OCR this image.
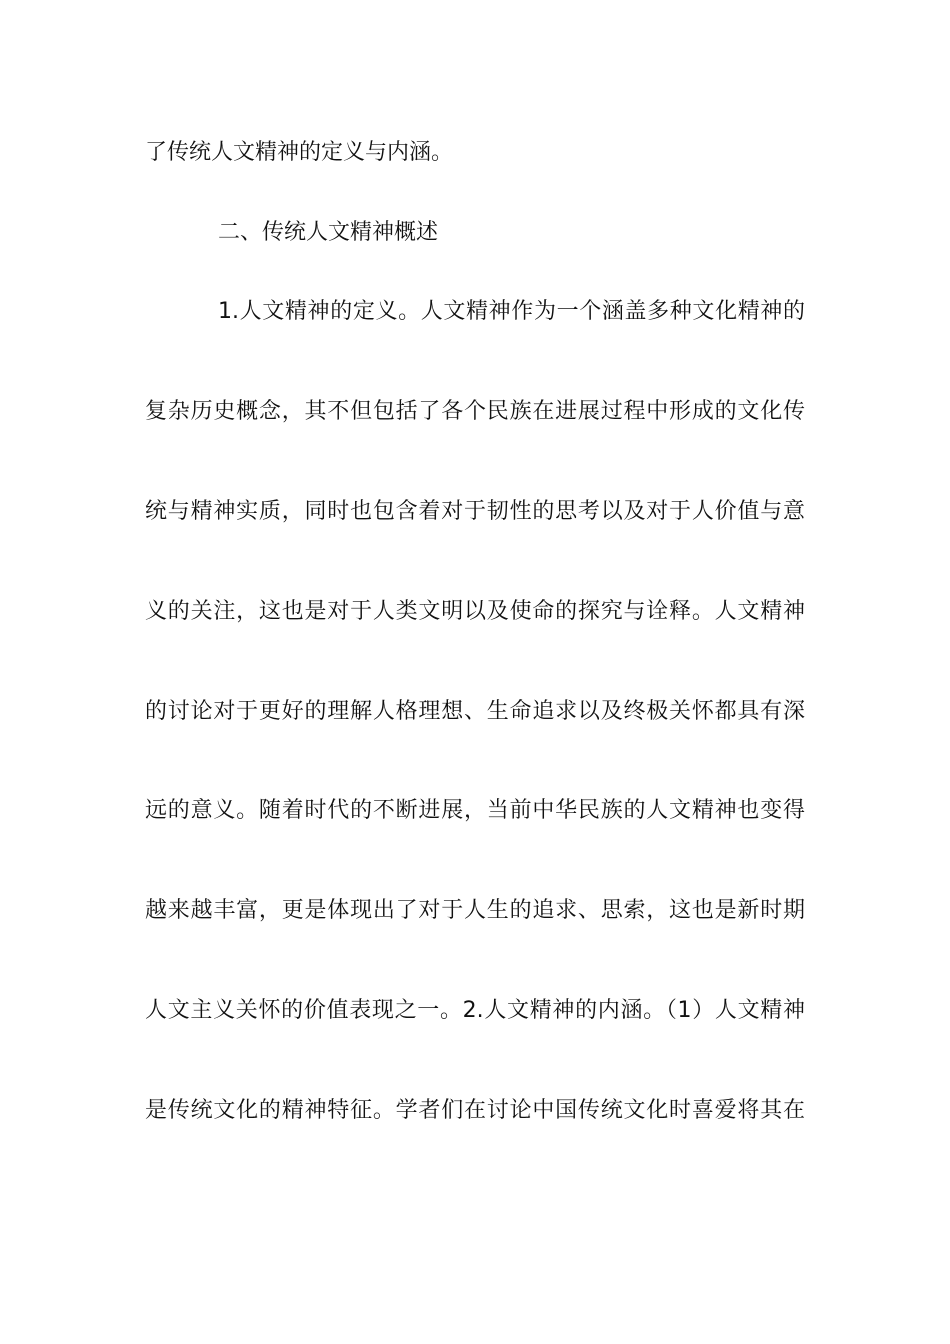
了传统人文精神的定义与内涵。
二、传统人文精神概述
1.人文精神的定义。人文精神作为一个涵盖多种文化精神的
复杂历史概念，其不但包括了各个民族在进展过程中形成的文化传
统与精神实质，同时也包含着对于韧性的思考以及对于人价值与意
义的关注，这也是对于人类文明以及使命的探究与诠释。人文精神
的讨论对于更好的理解人格理想、生命追求以及终极关怀都具有深
远的意义。随着时代的不断进展，当前中华民族的人文精神也变得
越来越丰富，更是体现出了对于人生的追求、思索，这也是新时期
人文主义关怀的价值表现之一。2.人文精神的内涵。（1）人文精神
是传统文化的精神特征。学者们在讨论中国传统文化时喜爱将其在
